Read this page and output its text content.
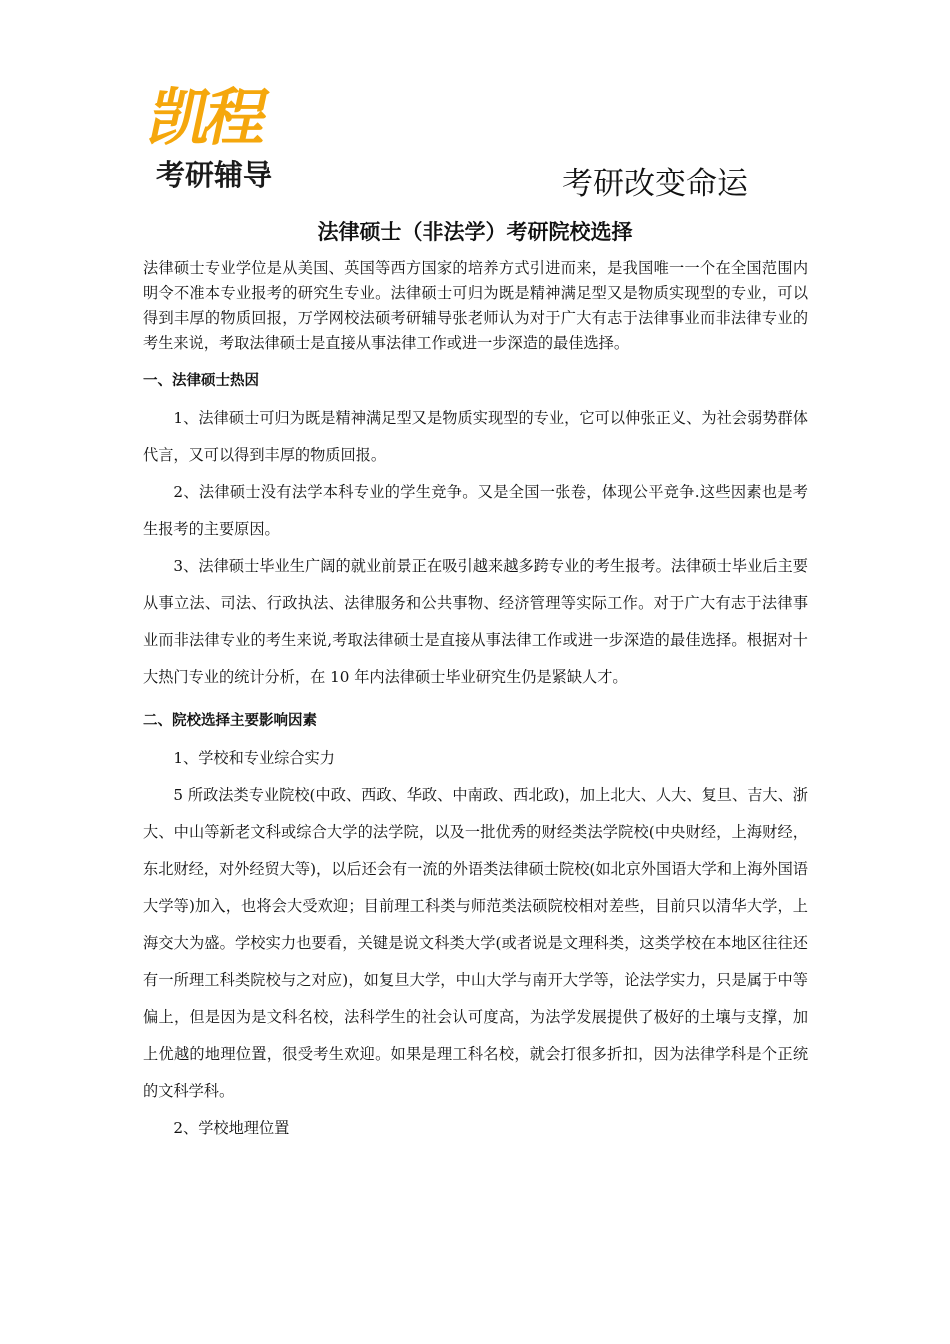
凯程
考研辅导	考研改变命运
法律硕士（非法学）考研院校选择

法律硕士专业学位是从美国、英国等西方国家的培养方式引进而来，是我国唯一一个在全国范围内明令不准本专业报考的研究生专业。法律硕士可归为既是精神满足型又是物质实现型的专业，可以得到丰厚的物质回报，万学网校法硕考研辅导张老师认为对于广大有志于法律事业而非法律专业的考生来说，考取法律硕士是直接从事法律工作或进一步深造的最佳选择。

一、法律硕士热因

1、法律硕士可归为既是精神满足型又是物质实现型的专业，它可以伸张正义、为社会弱势群体代言，又可以得到丰厚的物质回报。

2、法律硕士没有法学本科专业的学生竞争。又是全国一张卷，体现公平竞争.这些因素也是考生报考的主要原因。

3、法律硕士毕业生广阔的就业前景正在吸引越来越多跨专业的考生报考。法律硕士毕业后主要从事立法、司法、行政执法、法律服务和公共事物、经济管理等实际工作。对于广大有志于法律事业而非法律专业的考生来说,考取法律硕士是直接从事法律工作或进一步深造的最佳选择。根据对十大热门专业的统计分析，在 10 年内法律硕士毕业研究生仍是紧缺人才。

二、院校选择主要影响因素

1、学校和专业综合实力

5 所政法类专业院校(中政、西政、华政、中南政、西北政)，加上北大、人大、复旦、吉大、浙大、中山等新老文科或综合大学的法学院，以及一批优秀的财经类法学院校(中央财经，上海财经，东北财经，对外经贸大等)，以后还会有一流的外语类法律硕士院校(如北京外国语大学和上海外国语大学等)加入，也将会大受欢迎；目前理工科类与师范类法硕院校相对差些，目前只以清华大学，上海交大为盛。学校实力也要看，关键是说文科类大学(或者说是文理科类，这类学校在本地区往往还有一所理工科类院校与之对应)，如复旦大学，中山大学与南开大学等，论法学实力，只是属于中等偏上，但是因为是文科名校，法科学生的社会认可度高，为法学发展提供了极好的土壤与支撑，加上优越的地理位置，很受考生欢迎。如果是理工科名校，就会打很多折扣，因为法律学科是个正统的文科学科。

2、学校地理位置
